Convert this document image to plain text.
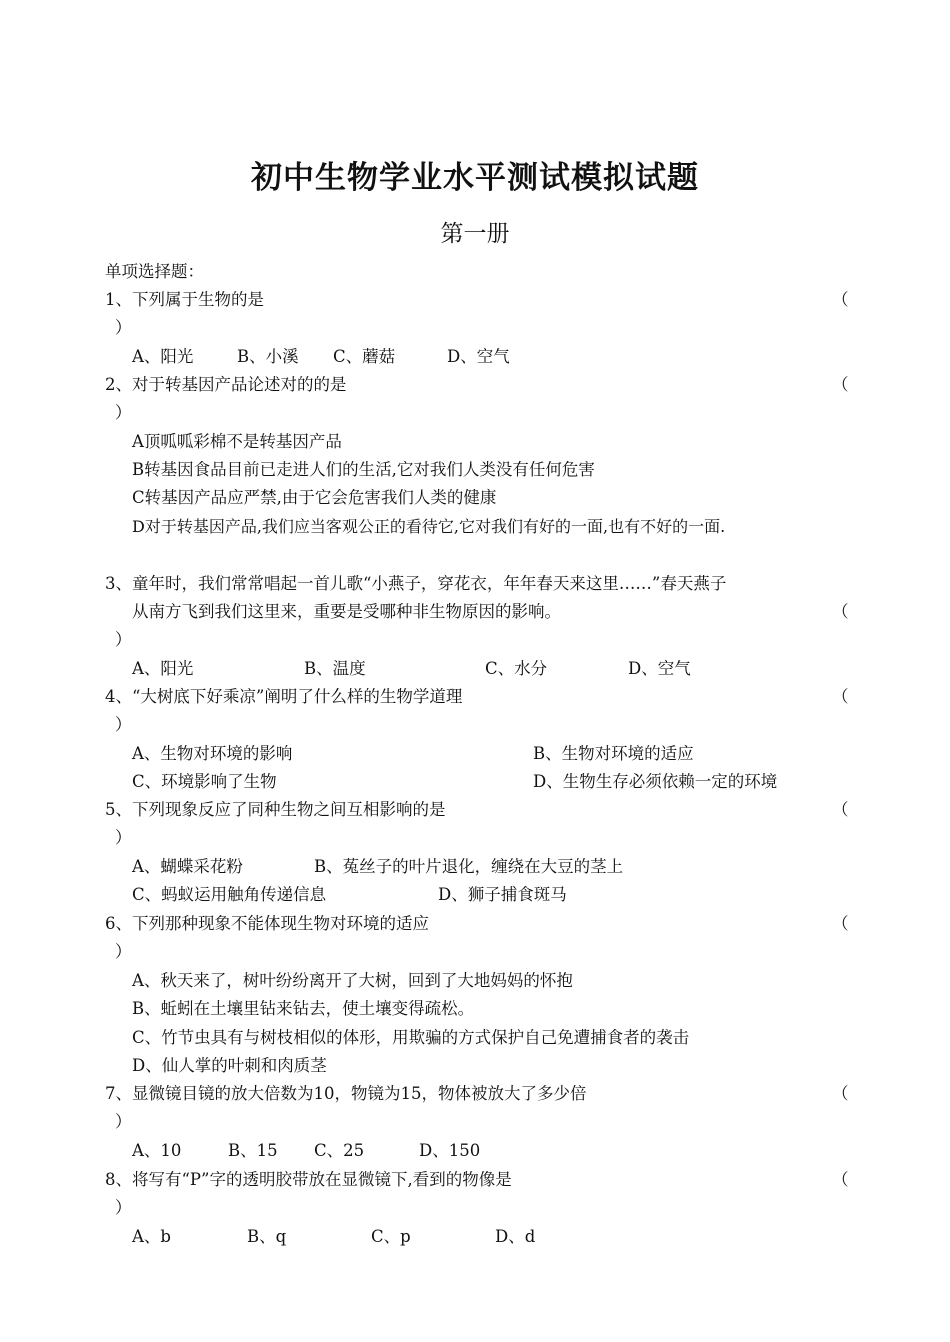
初中生物学业水平测试模拟试题
第一册
单项选择题：
1、下列属于生物的是	（
）
A、阳光	B、小溪 C、蘑菇	D、空气
2、对于转基因产品论述对的的是	（
）
A顶呱呱彩棉不是转基因产品
B转基因食品目前已走进人们的生活,它对我们人类没有任何危害
C转基因产品应严禁,由于它会危害我们人类的健康
D对于转基因产品,我们应当客观公正的看待它,它对我们有好的一面,也有不好的一面.
3、童年时，我们常常唱起一首儿歌“小燕子，穿花衣，年年春天来这里……”春天燕子
从南方飞到我们这里来，重要是受哪种非生物原因的影响。	（
）
A、阳光	B、温度	C、水分	D、空气
4、“大树底下好乘凉”阐明了什么样的生物学道理	（
）
A、生物对环境的影响	B、生物对环境的适应
C、环境影响了生物	D、生物生存必须依赖一定的环境
5、下列现象反应了同种生物之间互相影响的是	（
）
A、蝴蝶采花粉	B、菟丝子的叶片退化，缠绕在大豆的茎上
C、蚂蚁运用触角传递信息	D、狮子捕食斑马
6、下列那种现象不能体现生物对环境的适应	（
）
A、秋天来了，树叶纷纷离开了大树，回到了大地妈妈的怀抱
B、蚯蚓在土壤里钻来钻去，使土壤变得疏松。
C、竹节虫具有与树枝相似的体形，用欺骗的方式保护自己免遭捕食者的袭击
D、仙人掌的叶刺和肉质茎
7、显微镜目镜的放大倍数为10，物镜为15，物体被放大了多少倍	（
）
A、10	B、15 C、25	D、150
8、将写有“P”字的透明胶带放在显微镜下,看到的物像是	（
）
A、b	B、q	C、p	D、d
